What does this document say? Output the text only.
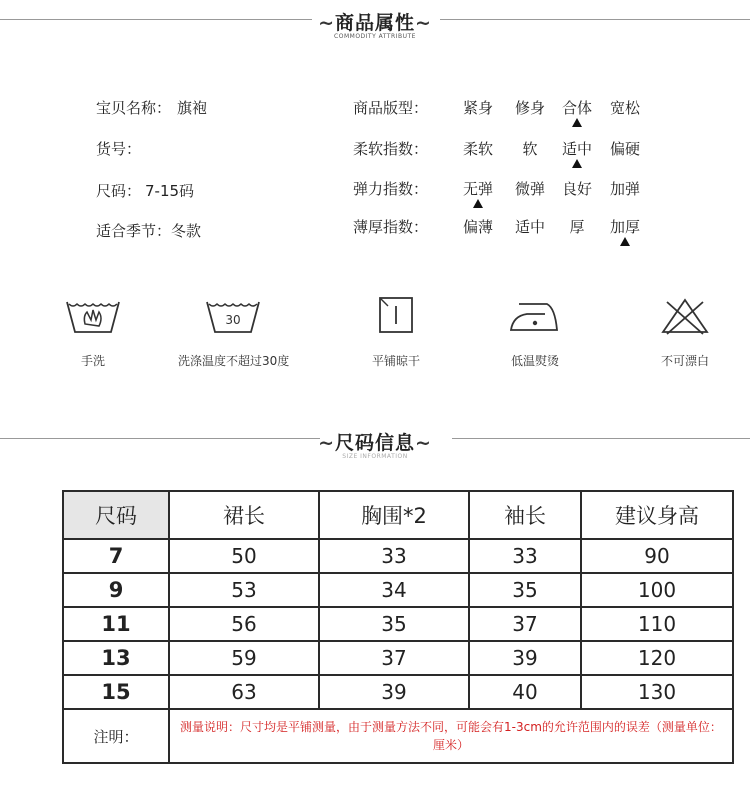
~商品属性~
COMMODITY ATTRIBUTE
宝贝名称： 旗袍
货号：
尺码： 7-15码
适合季节：冬款
商品版型：	紧身	修身	合体	宽松
柔软指数：	柔软	软	适中	偏硬
弹力指数：	无弹	微弹	良好	加弹
薄厚指数：	偏薄	适中	厚	加厚
手洗
30
洗涤温度不超过30度	平铺晾干	低温熨烫	不可漂白
~尺码信息~
SIZE INFORMATION
尺码	裙长	胸围*2	袖长	建议身高
7	50	33	33	90
9	53	34	35	100
11	56	35	37	110
13	59	37	39	120
15	63	39	40	130
注明：	测量说明：尺寸均是平铺测量，由于测量方法不同，可能会有1-3cm的允许范围内的误差（测量单位：厘米）			
